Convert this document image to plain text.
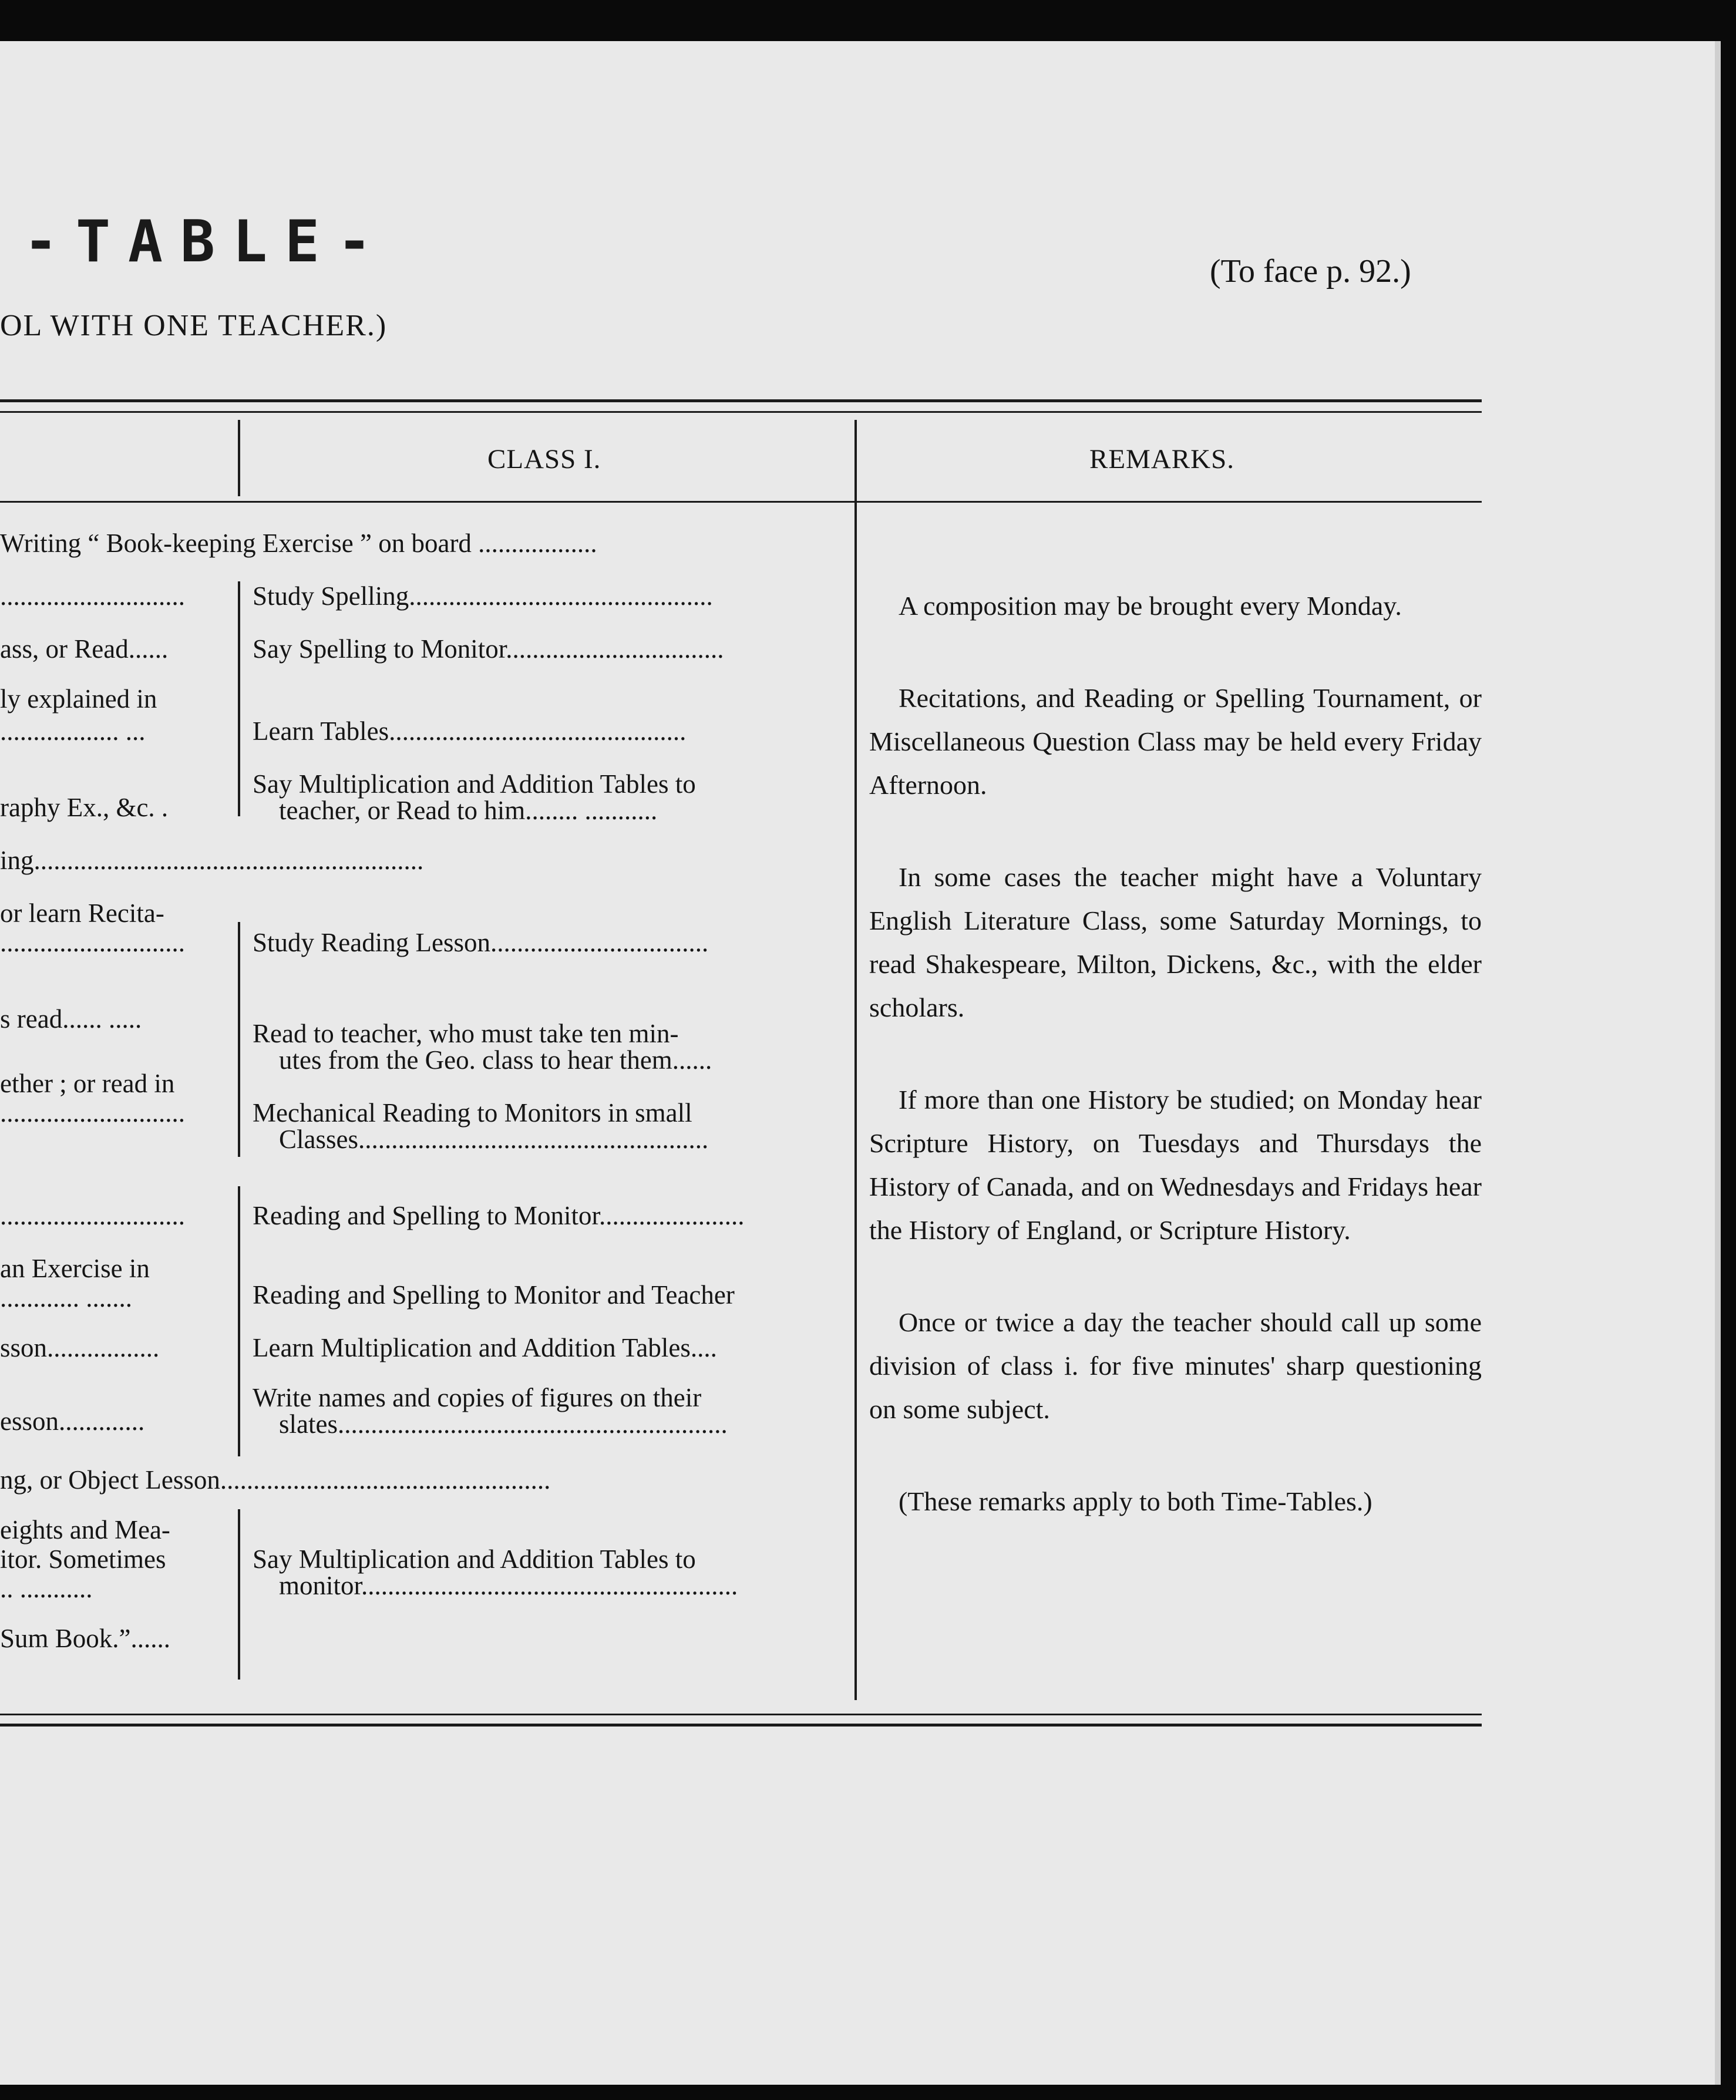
-TABLE-
OL WITH ONE TEACHER.)
(To face p. 92.)
CLASS I.	REMARKS.
Writing “ Book-keeping Exercise ” on board ..................
............................
ass, or Read......
ly explained in
.................. ...
raphy Ex., &c. .
ing...........................................................
or learn Recita-
............................
s read...... .....
ether ; or read in
............................
............................
an Exercise in
............ .......
sson.................
esson.............
ng, or Object Lesson..................................................
eights and Mea-
itor. Sometimes
.. ...........
Sum Book.”......
Study Spelling..............................................
Say Spelling to Monitor.................................
Learn Tables.............................................
Say Multiplication and Addition Tables to
teacher, or Read to him........ ...........
Study Reading Lesson.................................
Read to teacher, who must take ten min-
utes from the Geo. class to hear them......
Mechanical Reading to Monitors in small
Classes.....................................................
Reading and Spelling to Monitor......................
Reading and Spelling to Monitor and Teacher
Learn Multiplication and Addition Tables....
Write names and copies of figures on their
slates...........................................................
Say Multiplication and Addition Tables to
monitor.........................................................

A composition may be brought every Monday.

Recitations, and Reading or Spelling Tournament, or Miscellaneous Question Class may be held every Friday Afternoon.

In some cases the teacher might have a Voluntary English Literature Class, some Saturday Mornings, to read Shakespeare, Milton, Dickens, &c., with the elder scholars.

If more than one History be studied; on Monday hear Scripture History, on Tuesdays and Thursdays the History of Canada, and on Wednesdays and Fridays hear the History of England, or Scripture History.

Once or twice a day the teacher should call up some division of class i. for five minutes' sharp questioning on some subject.

(These remarks apply to both Time-Tables.)
